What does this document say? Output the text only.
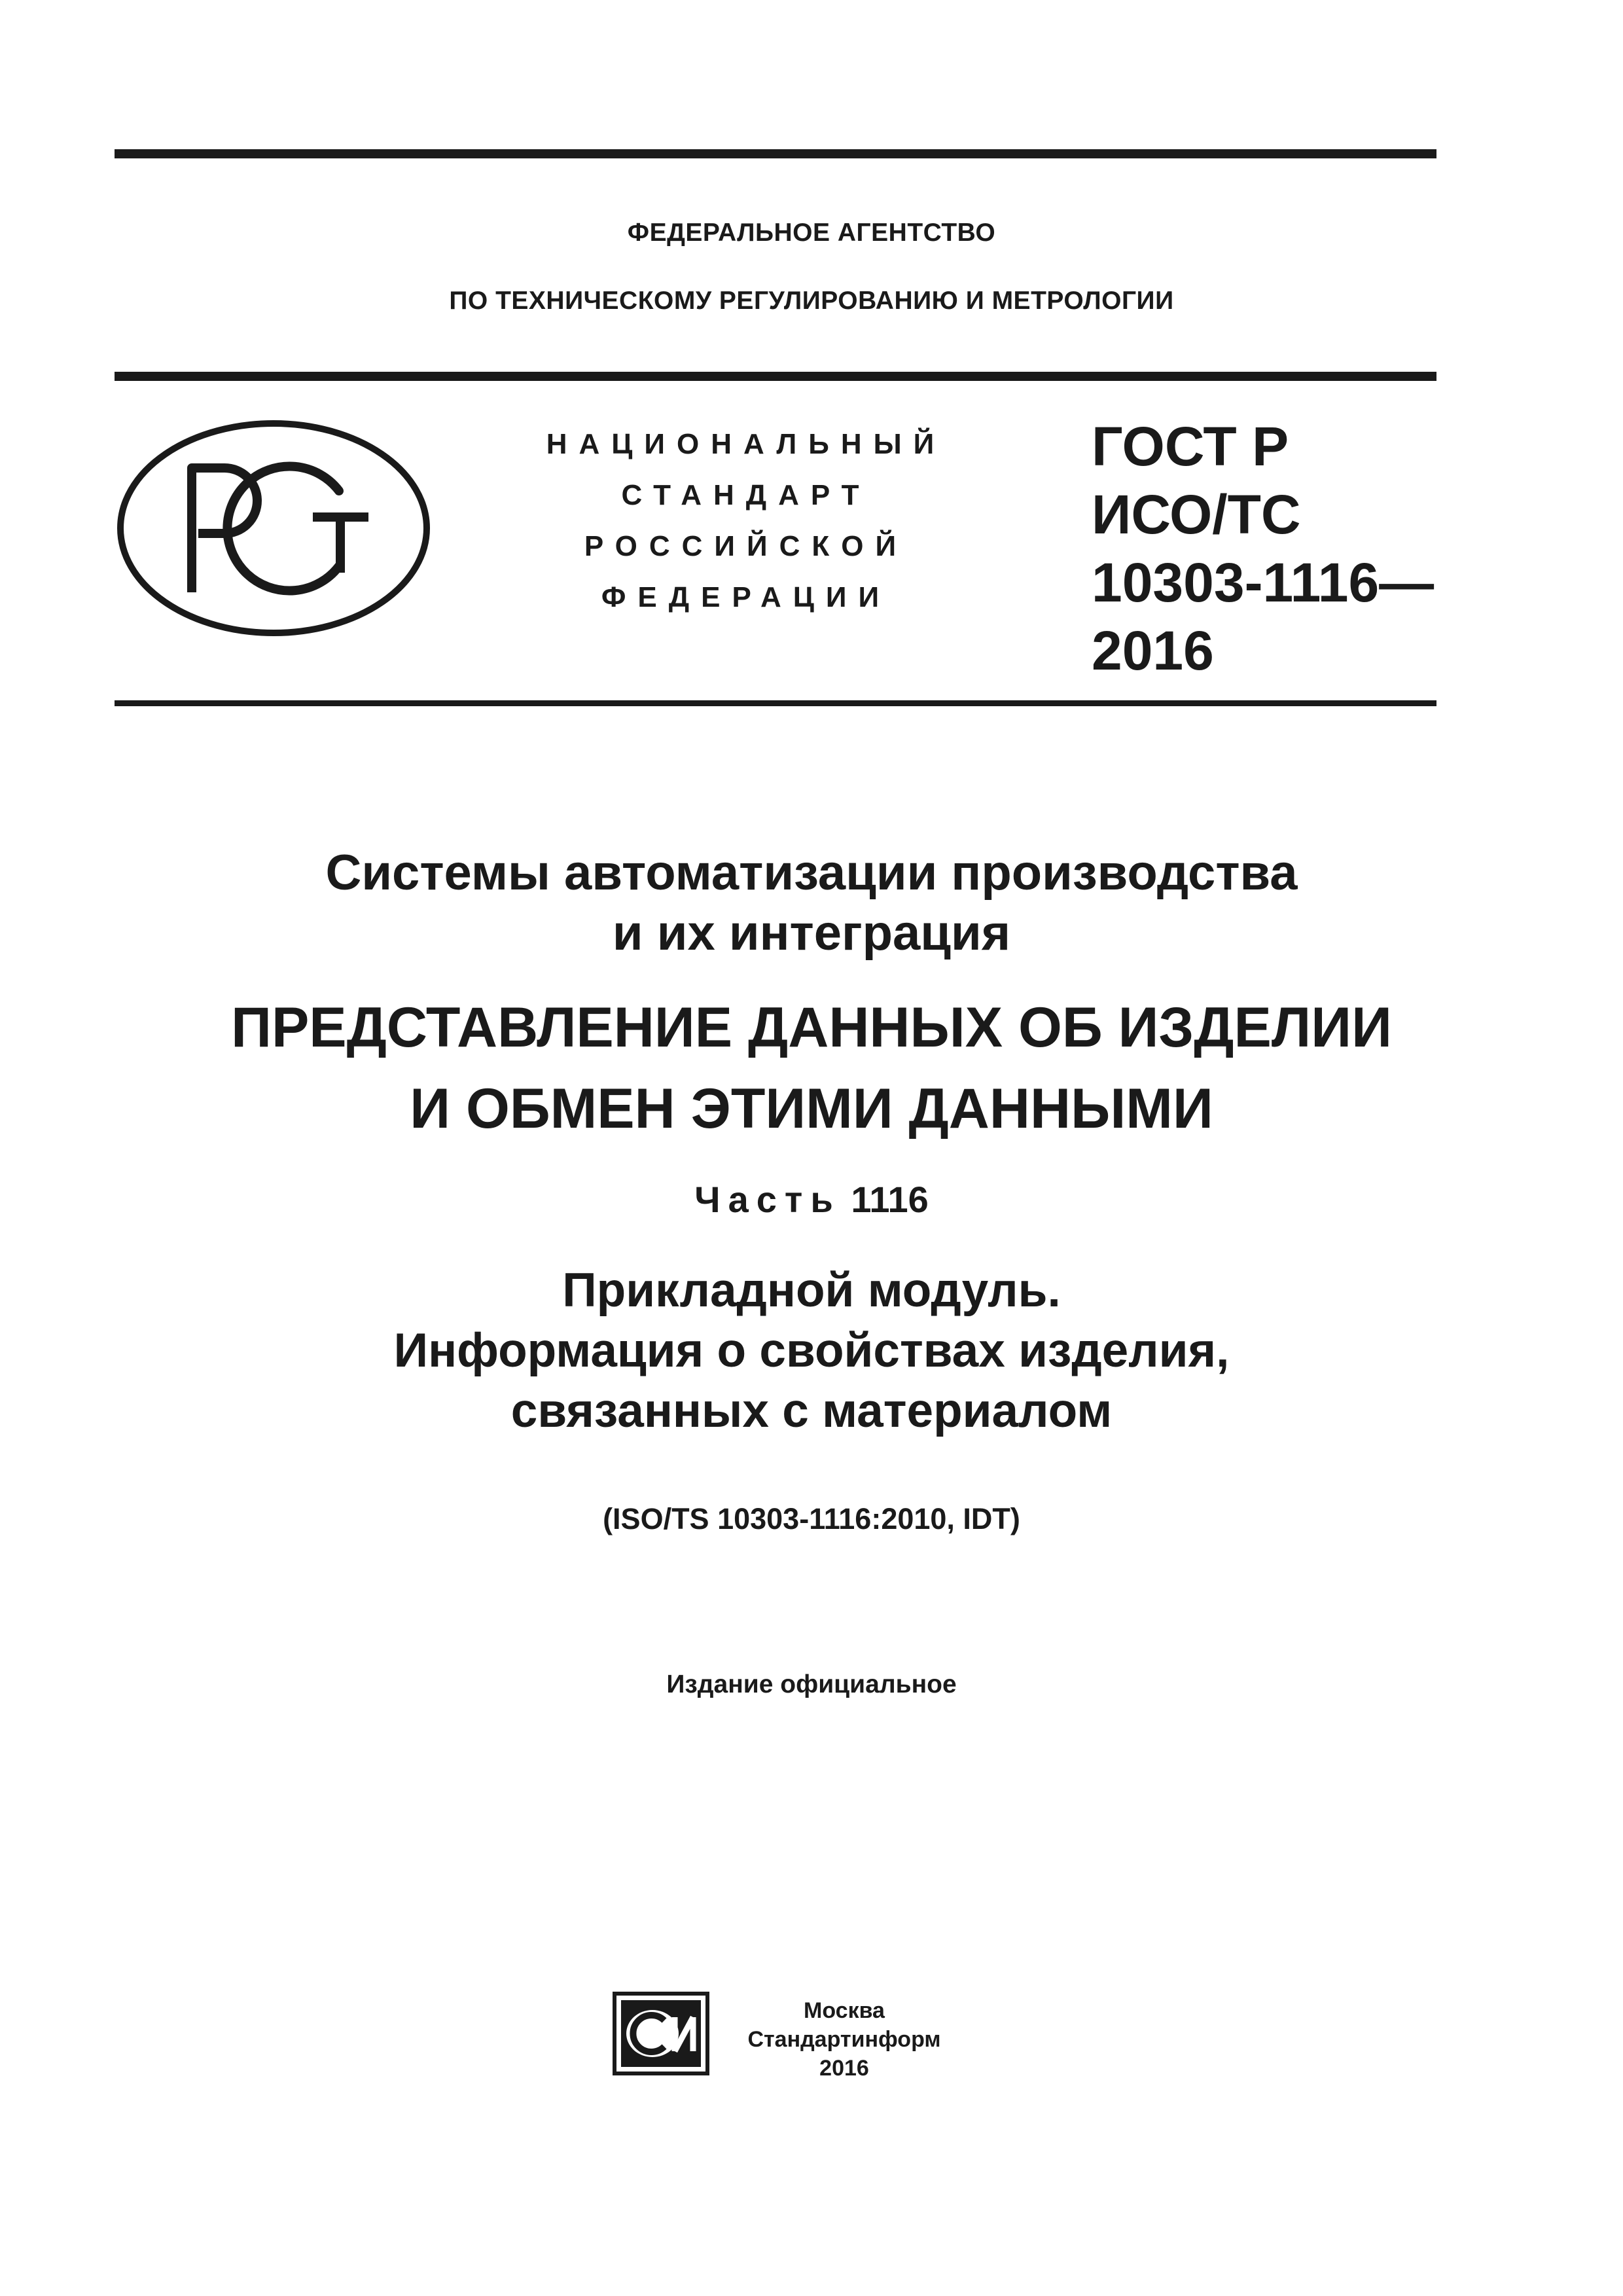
ФЕДЕРАЛЬНОЕ АГЕНТСТВО
ПО ТЕХНИЧЕСКОМУ РЕГУЛИРОВАНИЮ И МЕТРОЛОГИИ
НАЦИОНАЛЬНЫЙ
СТАНДАРТ
РОССИЙСКОЙ
ФЕДЕРАЦИИ
ГОСТ Р
ИСО/ТС
10303-1116—
2016
Системы автоматизации производства
и их интеграция
ПРЕДСТАВЛЕНИЕ ДАННЫХ ОБ ИЗДЕЛИИ
И ОБМЕН ЭТИМИ ДАННЫМИ
Часть 1116
Прикладной модуль.
Информация о свойствах изделия,
связанных с материалом
(ISO/TS 10303-1116:2010, IDT)
Издание официальное
Москва
Стандартинформ
2016
